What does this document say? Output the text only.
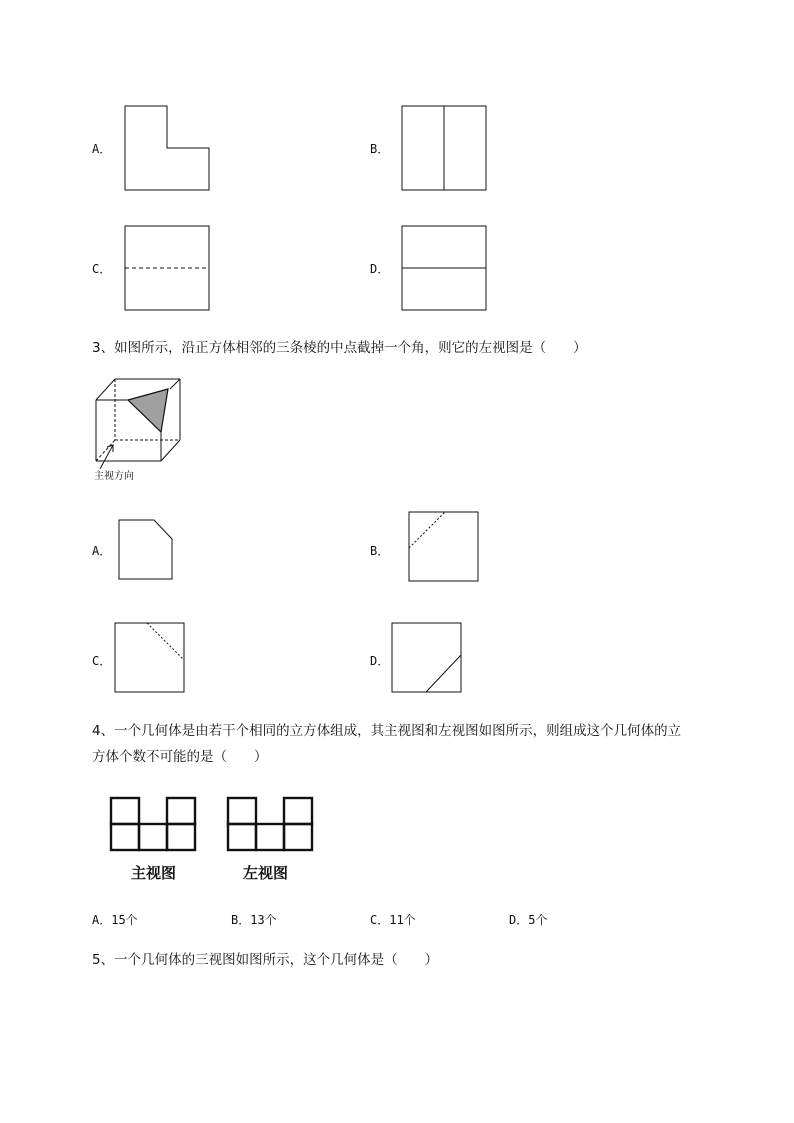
A．	B．
C．	D．
3、如图所示，沿正方体相邻的三条棱的中点截掉一个角，则它的左视图是（　　）
主视方向
A．	B．
C．	D．
4、一个几何体是由若干个相同的立方体组成，其主视图和左视图如图所示，则组成这个几何体的立
方体个数不可能的是（　　）
主视图	左视图
A．15个	B．13个	C．11个	D．5个
5、一个几何体的三视图如图所示，这个几何体是（　　）
